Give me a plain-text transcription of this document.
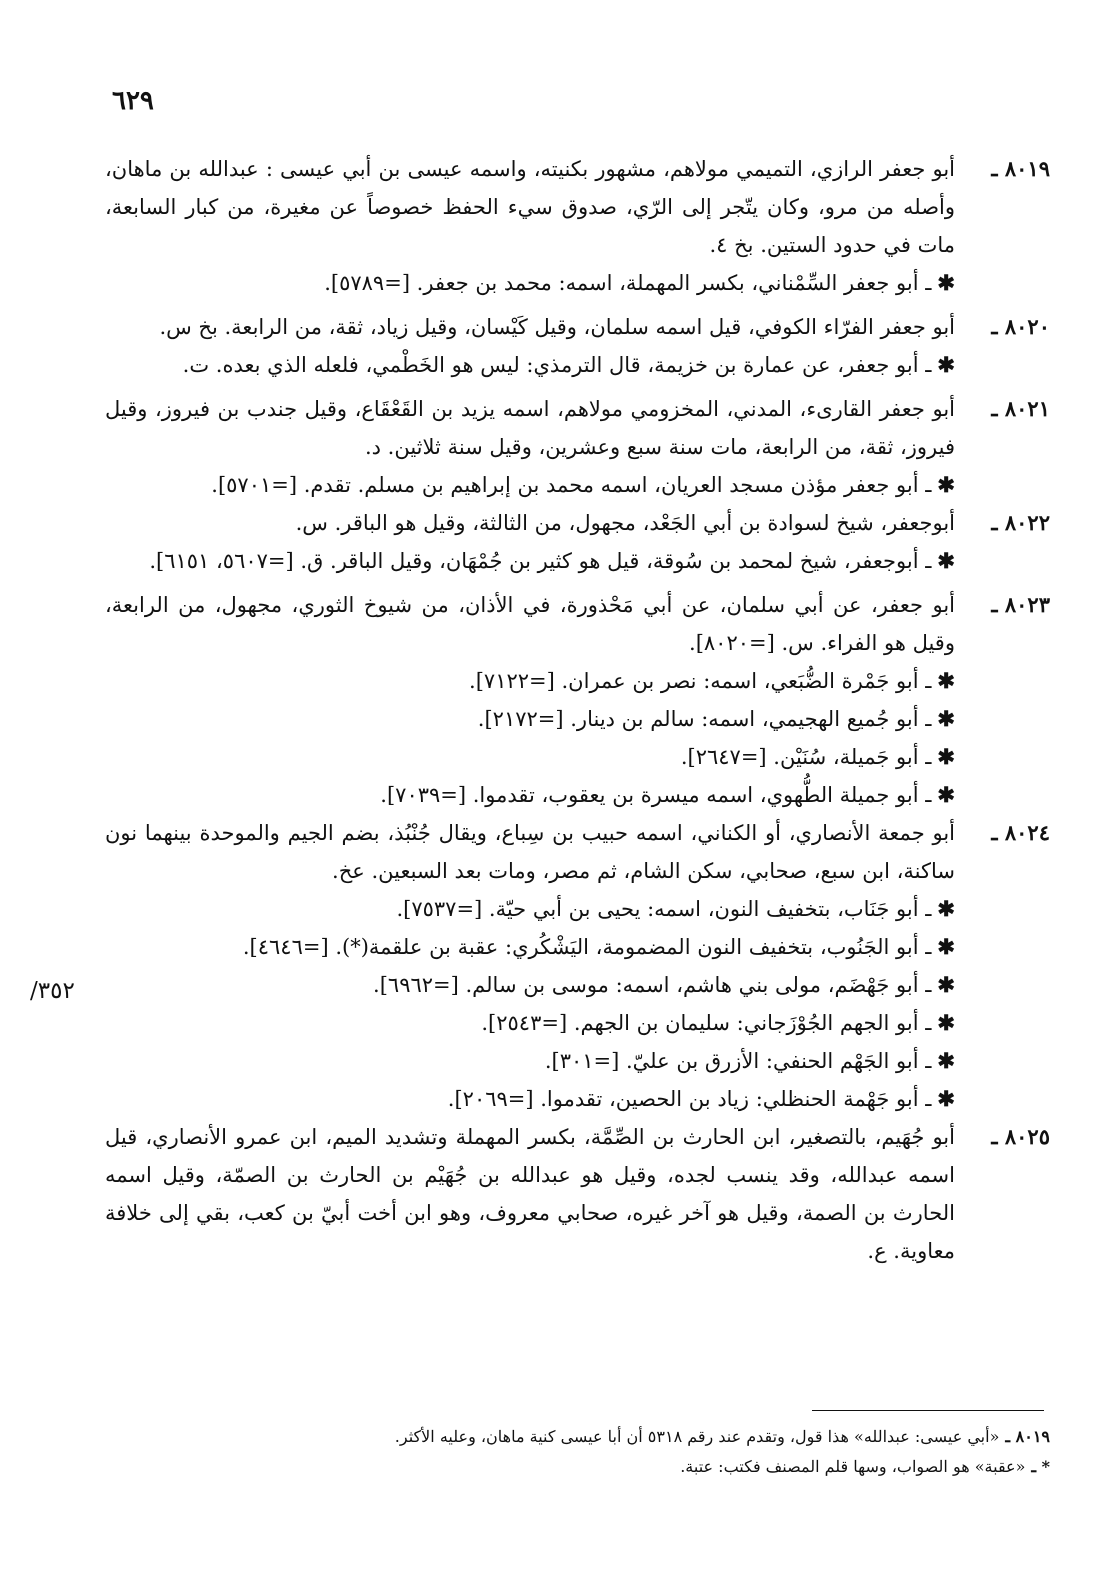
٦٢٩
/٣٥٢
٨٠١٩ ـ
أبو جعفر الرازي، التميمي مولاهم، مشهور بكنيته، واسمه عيسى بن أبي عيسى : عبدالله بن ماهان، وأصله من مرو، وكان يتّجر إلى الرّي، صدوق سيء الحفظ خصوصاً عن مغيرة، من كبار السابعة، مات في حدود الستين. بخ ٤.
✱ـ أبو جعفر السِّمْناني، بكسر المهملة، اسمه: محمد بن جعفر. [=٥٧٨٩].
٨٠٢٠ ـ
أبو جعفر الفرّاء الكوفي، قيل اسمه سلمان، وقيل كَيْسان، وقيل زياد، ثقة، من الرابعة. بخ س.
✱ـ أبو جعفر، عن عمارة بن خزيمة، قال الترمذي: ليس هو الخَطْمي، فلعله الذي بعده. ت.
٨٠٢١ ـ
أبو جعفر القارىء، المدني، المخزومي مولاهم، اسمه يزيد بن القَعْقَاع، وقيل جندب بن فيروز، وقيل فيروز، ثقة، من الرابعة، مات سنة سبع وعشرين، وقيل سنة ثلاثين. د.
✱ـ أبو جعفر مؤذن مسجد العريان، اسمه محمد بن إبراهيم بن مسلم. تقدم. [=٥٧٠١].
٨٠٢٢ ـ
أبوجعفر، شيخ لسوادة بن أبي الجَعْد، مجهول، من الثالثة، وقيل هو الباقر. س.
✱ـ أبوجعفر، شيخ لمحمد بن سُوقة، قيل هو كثير بن جُمْهَان، وقيل الباقر. ق. [=٥٦٠٧، ٦١٥١].
٨٠٢٣ ـ
أبو جعفر، عن أبي سلمان، عن أبي مَحْذورة، في الأذان، من شيوخ الثوري، مجهول، من الرابعة، وقيل هو الفراء. س. [=٨٠٢٠].
✱ـ أبو جَمْرة الضُّبَعي، اسمه: نصر بن عمران. [=٧١٢٢].
✱ـ أبو جُميع الهجيمي، اسمه: سالم بن دينار. [=٢١٧٢].
✱ـ أبو جَميلة، سُنَيْن. [=٢٦٤٧].
✱ـ أبو جميلة الطُّهوي، اسمه ميسرة بن يعقوب، تقدموا. [=٧٠٣٩].
٨٠٢٤ ـ
أبو جمعة الأنصاري، أو الكناني، اسمه حبيب بن سِباع، ويقال جُنْبُذ، بضم الجيم والموحدة بينهما نون ساكنة، ابن سبع، صحابي، سكن الشام، ثم مصر، ومات بعد السبعين. عخ.
✱ـ أبو جَنَاب، بتخفيف النون، اسمه: يحيى بن أبي حيّة. [=٧٥٣٧].
✱ـ أبو الجَنُوب، بتخفيف النون المضمومة، اليَشْكُري: عقبة بن علقمة(*). [=٤٦٤٦].
✱ـ أبو جَهْضَم، مولى بني هاشم، اسمه: موسى بن سالم. [=٦٩٦٢].
✱ـ أبو الجهم الجُوْزَجاني: سليمان بن الجهم. [=٢٥٤٣].
✱ـ أبو الجَهْم الحنفي: الأزرق بن عليّ. [=٣٠١].
✱ـ أبو جَهْمة الحنظلي: زياد بن الحصين، تقدموا. [=٢٠٦٩].
٨٠٢٥ ـ
أبو جُهَيم، بالتصغير، ابن الحارث بن الصِّمَّة، بكسر المهملة وتشديد الميم، ابن عمرو الأنصاري، قيل اسمه عبدالله، وقد ينسب لجده، وقيل هو عبدالله بن جُهَيْم بن الحارث بن الصمّة، وقيل اسمه الحارث بن الصمة، وقيل هو آخر غيره، صحابي معروف، وهو ابن أخت أبيّ بن كعب، بقي إلى خلافة معاوية. ع.
٨٠١٩ ـ«أبي عيسى: عبدالله» هذا قول، وتقدم عند رقم ٥٣١٨ أن أبا عيسى كنية ماهان، وعليه الأكثر.
* ـ«عقبة» هو الصواب، وسها قلم المصنف فكتب: عتبة.
